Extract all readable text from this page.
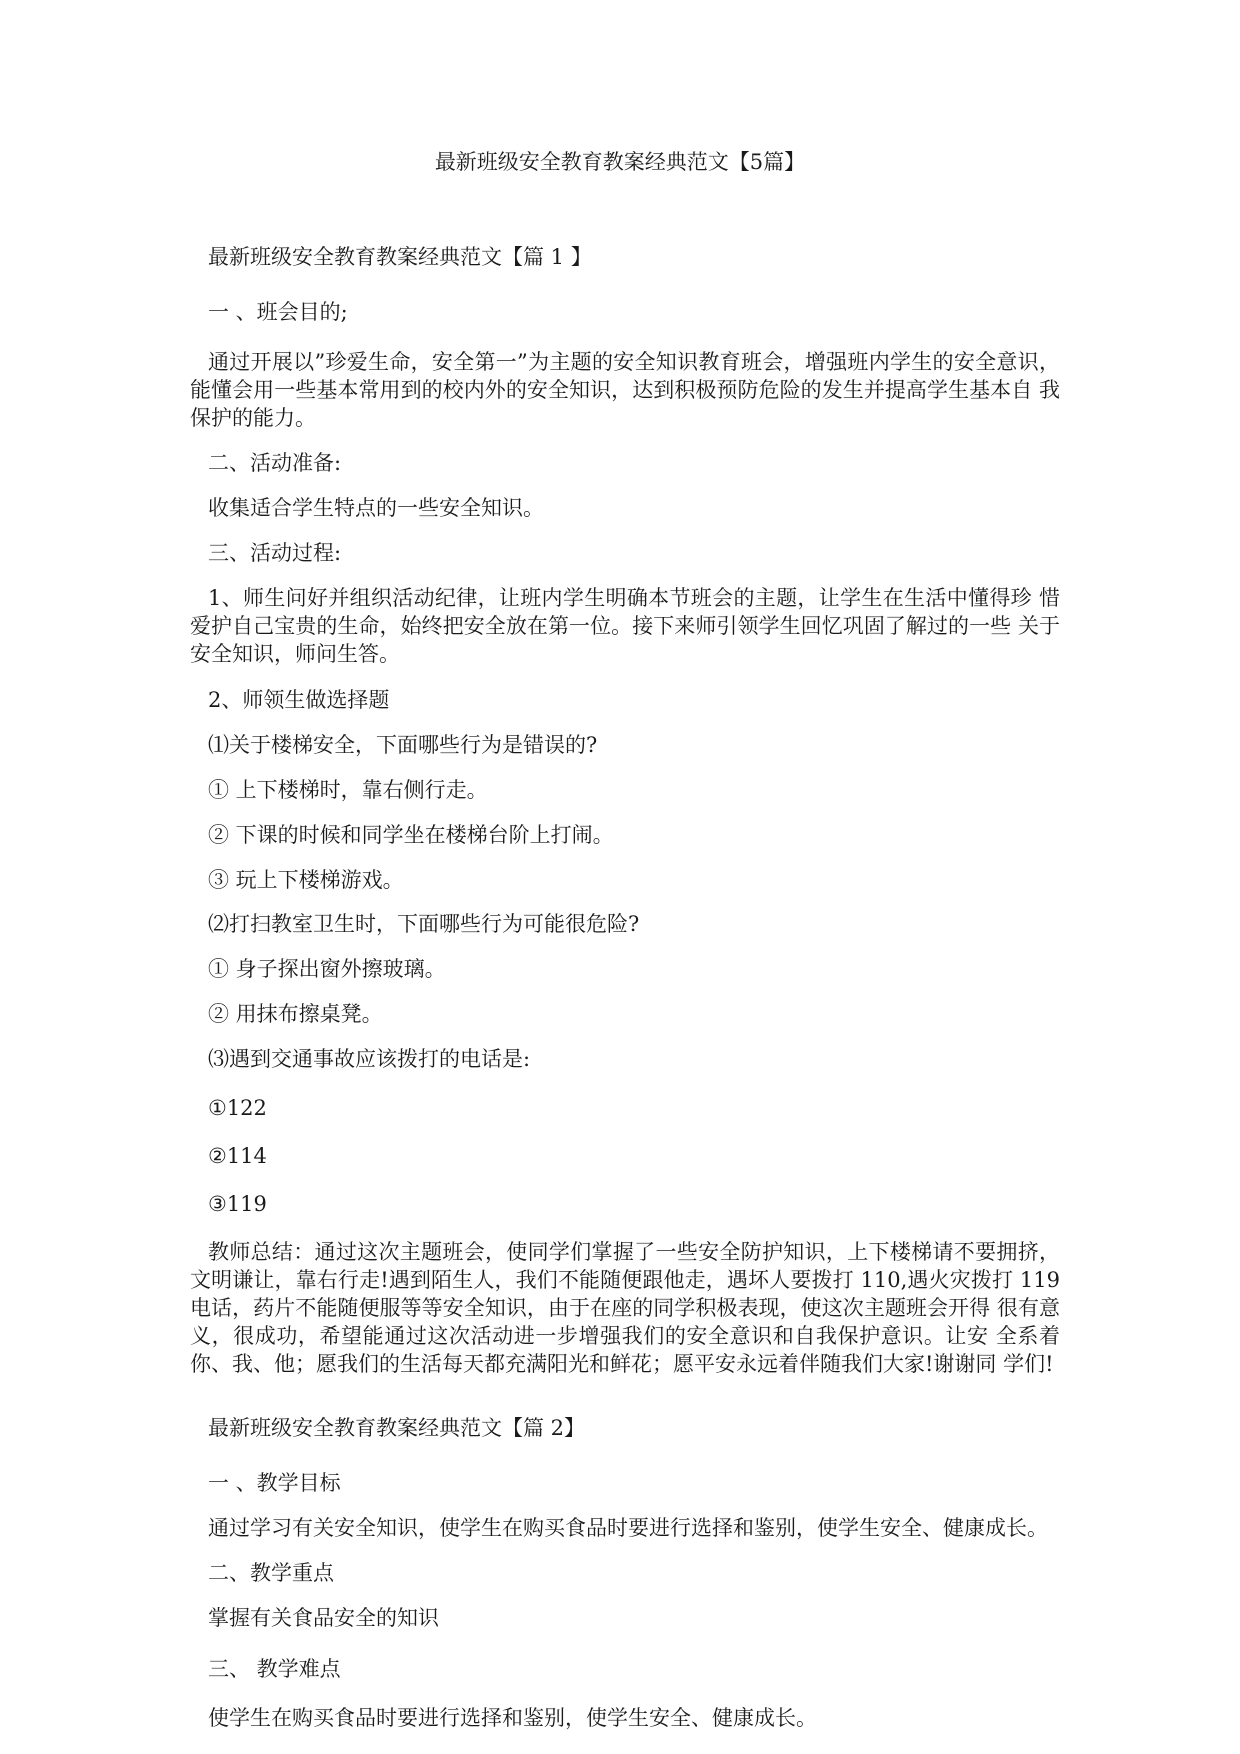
最新班级安全教育教案经典范文【5篇】
最新班级安全教育教案经典范文【篇 1 】
一 、班会目的;
通过开展以”珍爱生命，安全第一”为主题的安全知识教育班会，增强班内学生的安全意识， 能懂会用一些基本常用到的校内外的安全知识，达到积极预防危险的发生并提高学生基本自 我保护的能力。
二、活动准备:
收集适合学生特点的一些安全知识。
三、活动过程:
1、师生问好并组织活动纪律，让班内学生明确本节班会的主题，让学生在生活中懂得珍 惜爱护自己宝贵的生命，始终把安全放在第一位。接下来师引领学生回忆巩固了解过的一些 关于安全知识，师问生答。
2、师领生做选择题
⑴关于楼梯安全，下面哪些行为是错误的?
① 上下楼梯时，靠右侧行走。
② 下课的时候和同学坐在楼梯台阶上打闹。
③ 玩上下楼梯游戏。
⑵打扫教室卫生时，下面哪些行为可能很危险?
① 身子探出窗外擦玻璃。
② 用抹布擦桌凳。
⑶遇到交通事故应该拨打的电话是:
①122
②114
③119
教师总结：通过这次主题班会，使同学们掌握了一些安全防护知识，上下楼梯请不要拥挤，文明谦让，靠右行走!遇到陌生人，我们不能随便跟他走，遇坏人要拨打 110,遇火灾拨打 119 电话，药片不能随便服等等安全知识，由于在座的同学积极表现，使这次主题班会开得 很有意义，很成功，希望能通过这次活动进一步增强我们的安全意识和自我保护意识。让安 全系着你、我、他；愿我们的生活每天都充满阳光和鲜花；愿平安永远着伴随我们大家!谢谢同 学们!
最新班级安全教育教案经典范文【篇 2】
一 、教学目标
通过学习有关安全知识，使学生在购买食品时要进行选择和鉴别，使学生安全、健康成长。
二、教学重点
掌握有关食品安全的知识
三、 教学难点
使学生在购买食品时要进行选择和鉴别，使学生安全、健康成长。
